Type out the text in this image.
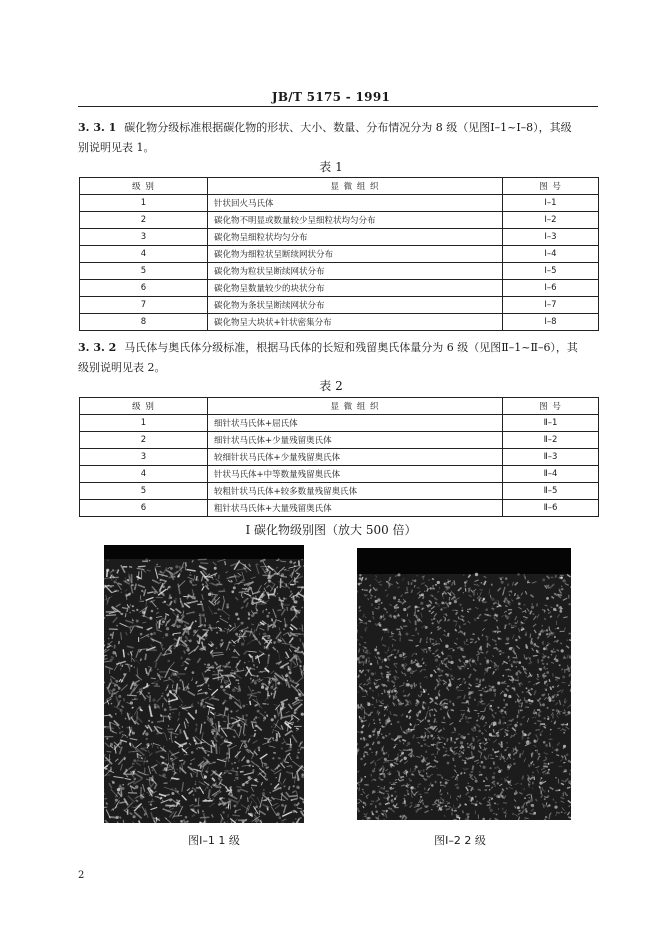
JB/T 5175 - 1991
3. 3. 1 碳化物分级标准根据碳化物的形状、大小、数量、分布情况分为 8 级（见图Ⅰ–1~Ⅰ–8），其级
别说明见表 1。
表 1
级 别	显 微 组 织	图 号
1	针状回火马氏体	Ⅰ–1
2	碳化物不明显或数量较少呈细粒状均匀分布	Ⅰ–2
3	碳化物呈细粒状均匀分布	Ⅰ–3
4	碳化物为细粒状呈断续网状分布	Ⅰ–4
5	碳化物为粒状呈断续网状分布	Ⅰ–5
6	碳化物呈数量较少的块状分布	Ⅰ–6
7	碳化物为条状呈断续网状分布	Ⅰ–7
8	碳化物呈大块状+针状密集分布	Ⅰ–8
3. 3. 2 马氏体与奥氏体分级标准，根据马氏体的长短和残留奥氏体量分为 6 级（见图Ⅱ–1~Ⅱ–6），其
级别说明见表 2。
表 2
级 别	显 微 组 织	图 号
1	细针状马氏体+屈氏体	Ⅱ–1
2	细针状马氏体+少量残留奥氏体	Ⅱ–2
3	较细针状马氏体+少量残留奥氏体	Ⅱ–3
4	针状马氏体+中等数量残留奥氏体	Ⅱ–4
5	较粗针状马氏体+较多数量残留奥氏体	Ⅱ–5
6	粗针状马氏体+大量残留奥氏体	Ⅱ–6
Ⅰ 碳化物级别图（放大 500 倍）
图Ⅰ–1 1 级	图Ⅰ–2 2 级
2
